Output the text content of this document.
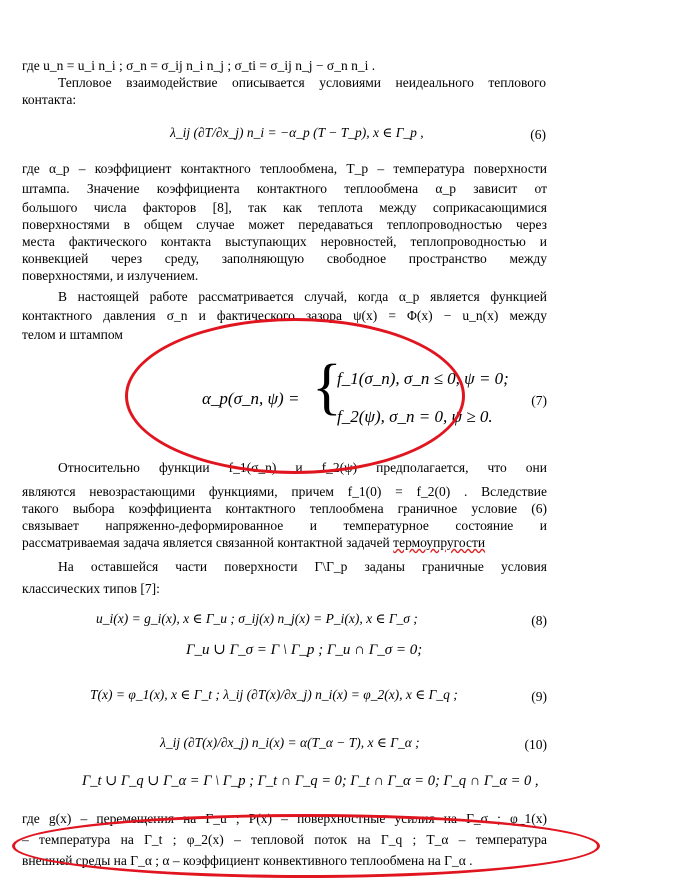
где u_n = u_i n_i ; σ_n = σ_ij n_i n_j ; σ_ti = σ_ij n_j − σ_n n_i .
Тепловое взаимодействие описывается условиями неидеального теплового
контакта:
λ_ij (∂T/∂x_j) n_i = −α_p (T − T_p), x ∈ Γ_p ,	(6)
где α_p – коэффициент контактного теплообмена, T_p – температура поверхности
штампа. Значение коэффициента контактного теплообмена α_p зависит от
большого числа факторов [8], так как теплота между соприкасающимися
поверхностями в общем случае может передаваться теплопроводностью через
места фактического контакта выступающих неровностей, теплопроводностью и
конвекцией через среду, заполняющую свободное пространство между
поверхностями, и излучением.
В настоящей работе рассматривается случай, когда α_p является функцией
контактного давления σ_n и фактического зазора ψ(x) = Φ(x) − u_n(x) между
телом и штампом
α_p(σ_n, ψ) = {
f_1(σ_n), σ_n ≤ 0, ψ = 0;
f_2(ψ), σ_n = 0, ψ ≥ 0.
(7)
Относительно функции f_1(σ_n) и f_2(ψ) предполагается, что они
являются невозрастающими функциями, причем f_1(0) = f_2(0) . Вследствие
такого выбора коэффициента контактного теплообмена граничное условие (6)
связывает напряженно-деформированное и температурное состояние и
рассматриваемая задача является связанной контактной задачей термоупругости
На оставшейся части поверхности Γ\Γ_p заданы граничные условия
классических типов [7]:
u_i(x) = g_i(x), x ∈ Γ_u ; σ_ij(x) n_j(x) = P_i(x), x ∈ Γ_σ ;	(8)
Γ_u ∪ Γ_σ = Γ \ Γ_p ; Γ_u ∩ Γ_σ = 0;
T(x) = φ_1(x), x ∈ Γ_t ; λ_ij (∂T(x)/∂x_j) n_i(x) = φ_2(x), x ∈ Γ_q ;	(9)
λ_ij (∂T(x)/∂x_j) n_i(x) = α(T_α − T), x ∈ Γ_α ;	(10)
Γ_t ∪ Γ_q ∪ Γ_α = Γ \ Γ_p ; Γ_t ∩ Γ_q = 0; Γ_t ∩ Γ_α = 0; Γ_q ∩ Γ_α = 0 ,
где g(x) – перемещения на Γ_u ; P(x) – поверхностные усилия на Γ_σ ; φ_1(x)
– температура на Γ_t ; φ_2(x) – тепловой поток на Γ_q ; T_α – температура
внешней среды на Γ_α ; α – коэффициент конвективного теплообмена на Γ_α .
